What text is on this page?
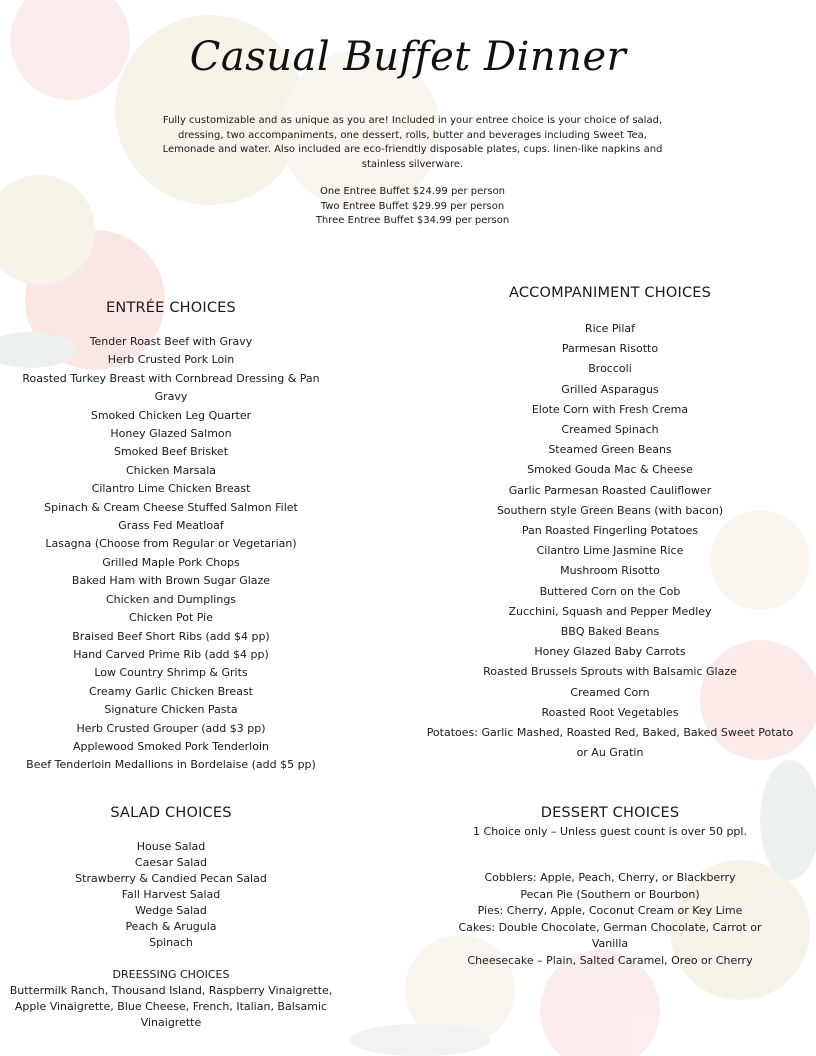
Casual Buffet Dinner
Fully customizable and as unique as you are! Included in your entree choice is your choice of salad, dressing, two accompaniments, one dessert, rolls, butter and beverages including Sweet Tea, Lemonade and water. Also included are eco-friendtly disposable plates, cups. linen-like napkins and stainless silverware.
One Entree Buffet $24.99 per person
Two Entree Buffet $29.99 per person
Three Entree Buffet $34.99 per person
ENTRÉE CHOICES
Tender Roast Beef with Gravy
Herb Crusted Pork Loin
Roasted Turkey Breast with Cornbread Dressing & Pan Gravy
Smoked Chicken Leg Quarter
Honey Glazed Salmon
Smoked Beef Brisket
Chicken Marsala
Cilantro Lime Chicken Breast
Spinach & Cream Cheese Stuffed Salmon Filet
Grass Fed Meatloaf
Lasagna (Choose from Regular or Vegetarian)
Grilled Maple Pork Chops
Baked Ham with Brown Sugar Glaze
Chicken and Dumplings
Chicken Pot Pie
Braised Beef Short Ribs (add $4 pp)
Hand Carved Prime Rib (add $4 pp)
Low Country Shrimp & Grits
Creamy Garlic Chicken Breast
Signature Chicken Pasta
Herb Crusted Grouper (add $3 pp)
Applewood Smoked Pork Tenderloin
Beef Tenderloin Medallions in Bordelaise (add $5 pp)
ACCOMPANIMENT CHOICES
Rice Pilaf
Parmesan Risotto
Broccoli
Grilled Asparagus
Elote Corn with Fresh Crema
Creamed Spinach
Steamed Green Beans
Smoked Gouda Mac & Cheese
Garlic Parmesan Roasted Cauliflower
Southern style Green Beans (with bacon)
Pan Roasted Fingerling Potatoes
Cilantro Lime Jasmine Rice
Mushroom Risotto
Buttered Corn on the Cob
Zucchini, Squash and Pepper Medley
BBQ Baked Beans
Honey Glazed Baby Carrots
Roasted Brussels Sprouts with Balsamic Glaze
Creamed Corn
Roasted Root Vegetables
Potatoes: Garlic Mashed, Roasted Red, Baked, Baked Sweet Potato or Au Gratin
SALAD CHOICES
House Salad
Caesar Salad
Strawberry & Candied Pecan Salad
Fall Harvest Salad
Wedge Salad
Peach & Arugula
Spinach
DREESSING CHOICES
Buttermilk Ranch, Thousand Island, Raspberry Vinaigrette, Apple Vinaigrette, Blue Cheese, French, Italian, Balsamic Vinaigrette
DESSERT CHOICES
1 Choice only – Unless guest count is over 50 ppl.
Cobblers: Apple, Peach, Cherry, or Blackberry
Pecan Pie (Southern or Bourbon)
Pies: Cherry, Apple, Coconut Cream or Key Lime
Cakes: Double Chocolate, German Chocolate, Carrot or Vanilla
Cheesecake – Plain, Salted Caramel, Oreo or Cherry
